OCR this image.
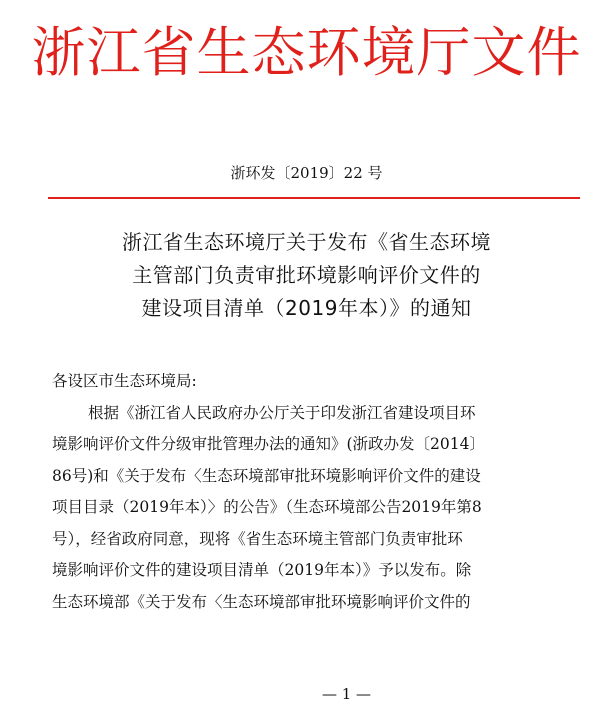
浙江省生态环境厅文件
浙环发〔2019〕22 号
浙江省生态环境厅关于发布《省生态环境
主管部门负责审批环境影响评价文件的
建设项目清单（2019年本）》的通知
各设区市生态环境局:
根据《浙江省人民政府办公厅关于印发浙江省建设项目环
境影响评价文件分级审批管理办法的通知》(浙政办发〔2014〕
86号)和《关于发布〈生态环境部审批环境影响评价文件的建设
项目目录（2019年本）〉的公告》（生态环境部公告2019年第8
号），经省政府同意，现将《省生态环境主管部门负责审批环
境影响评价文件的建设项目清单（2019年本）》予以发布。除
生态环境部《关于发布〈生态环境部审批环境影响评价文件的
— 1 —
